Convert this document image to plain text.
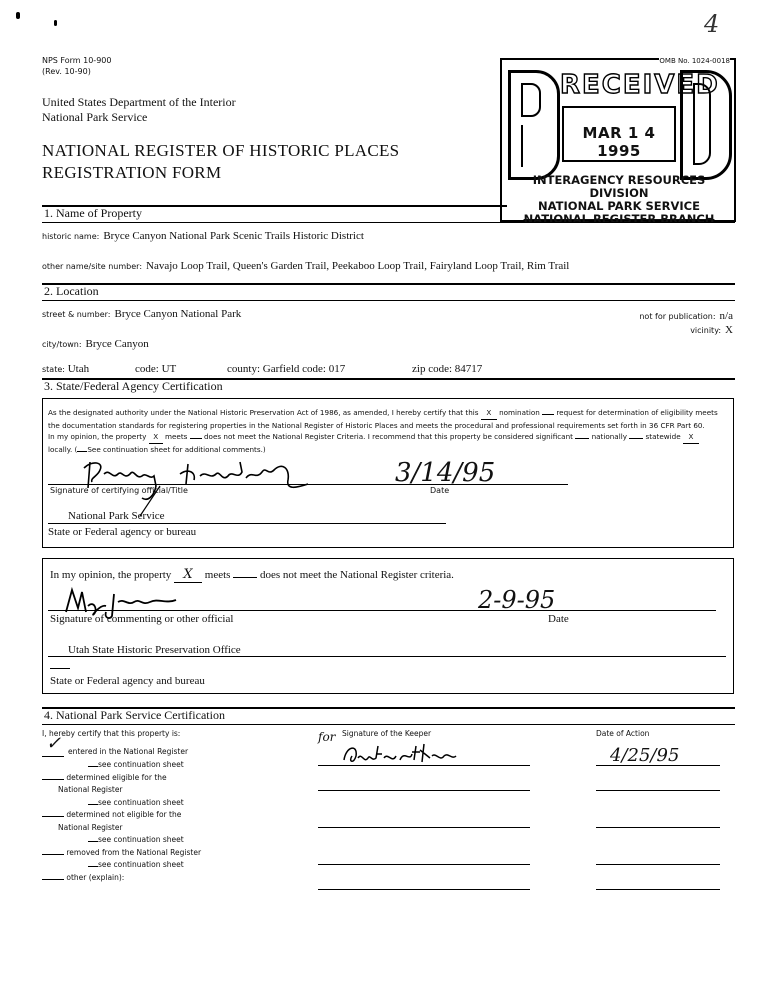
4
NPS Form 10-900
(Rev. 10-90)
United States Department of the Interior
National Park Service
NATIONAL REGISTER OF HISTORIC PLACES
REGISTRATION FORM
OMB No. 1024-0018
RECEIVED
MAR 1 4 1995
INTERAGENCY RESOURCES DIVISION
NATIONAL PARK SERVICE
NATIONAL REGISTER BRANCH
1. Name of Property
historic name: Bryce Canyon National Park Scenic Trails Historic District
other name/site number: Navajo Loop Trail, Queen's Garden Trail, Peekaboo Loop Trail, Fairyland Loop Trail, Rim Trail
2. Location
street & number: Bryce Canyon National Park	not for publication: n/a
vicinity: X
city/town: Bryce Canyon
state: Utah	code: UT	county: Garfield code: 017	zip code: 84717
3. State/Federal Agency Certification
As the designated authority under the National Historic Preservation Act of 1986, as amended, I hereby certify that this X nomination request for determination of eligibility meets
the documentation standards for registering properties in the National Register of Historic Places and meets the procedural and professional requirements set forth in 36 CFR Part 60.
In my opinion, the property X meets does not meet the National Register Criteria. I recommend that this property be considered significant	nationally	statewide X
locally. ( See continuation sheet for additional comments.)
3/14/95
Signature of certifying official/Title	Date
National Park Service
State or Federal agency or bureau
In my opinion, the property X meets	does not meet the National Register criteria.
2-9-95
Signature of commenting or other official	Date
Utah State Historic Preservation Office
State or Federal agency and bureau
4. National Park Service Certification
I, hereby certify that this property is:	for Signature of the Keeper	Date of Action
4/25/95
✓ entered in the National Register
see continuation sheet
determined eligible for the
National Register
see continuation sheet
determined not eligible for the
National Register
see continuation sheet
removed from the National Register
see continuation sheet
other (explain):
